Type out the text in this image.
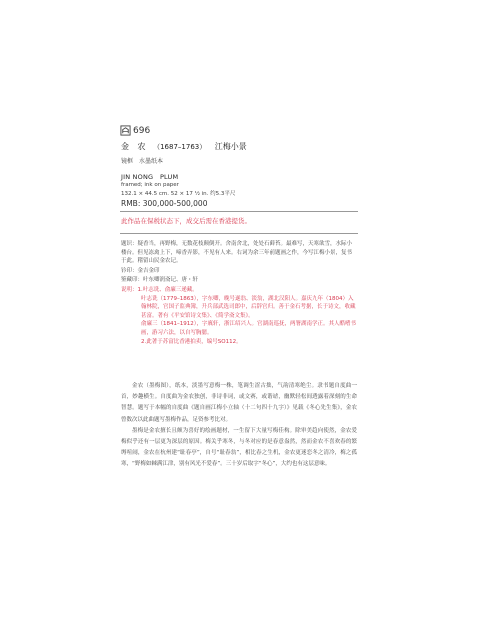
696
金 农 （1687–1763） 江梅小景
镜框　水墨纸本
JIN NONG　PLUM
framed; ink on paper
132.1 × 44.5 cm. 52 × 17 ¹⁄₂ in. 约5.3平尺
RMB: 300,000-500,000
此作品在保税状态下，成交后需在香港提货。
题识：疑香当，再野梅，无数花枝颠倒开。舍南舍北，处处石藓苔。最难写，天寒欲雪，水际小楼台。但见冻禽上下，啼香弄影，不见有人来。右词为余三年前题画之作，今写江梅小景，复书于此。稽留山民金农记。
钤印：金吉金印
鉴藏印：叶东卿润斋记、唐・轩
说明：1.叶志诜、俞廉三递藏。
叶志诜（1779–1863），字东卿，晚号遂翁、淡翁，湖北汉阳人。嘉庆九年（1804）入翰林院，官国子监典簿，升兵部武选司郎中，后辞官归。善于金石考据，长于诗文，收藏甚富。著有《平安馆诗文集》、《简学斋文集》。
俞廉三（1841–1912），字廙轩，浙江绍兴人。官湖南巡抚，两署湖南学正。其人酷嗜书画，游习六法，以自写胸臆。
2.此著于苏富比香港拍卖，编号SO112。

金农（墨梅图），纸本，淡墨写意梅一株，笔调生涩古拙，气韵清寒绝尘。隶书题自度曲一首，妙趣横生。自度曲为金农独创，非诗非词，或文赛，或谐谑，幽默轻松间透露着深刻的生命智慧。题写于本幅的自度曲《题自画江梅小立轴（十二句四十九字）》见载《冬心先生集》，金农曾数次以此曲题写墨梅作品，足资参考比对。

墨梅是金农擅长且颇为喜好的绘画题材，一生留下大量写梅佳构。除审美趋向使然，金农爱梅似乎还有一层更为深层的原因。梅关乎寒冬，与冬对应的是春意盎然，然而金农不喜欢春的繁缛喧闹，金农在杭州建“耻春亭”，自号“耻春翁”，相比春之生机，金农更迷恋冬之清冷，梅之孤寒，“野梅如棘满江津，别有风光不爱春”。三十岁后取字“冬心”，大约也有这层意味。
